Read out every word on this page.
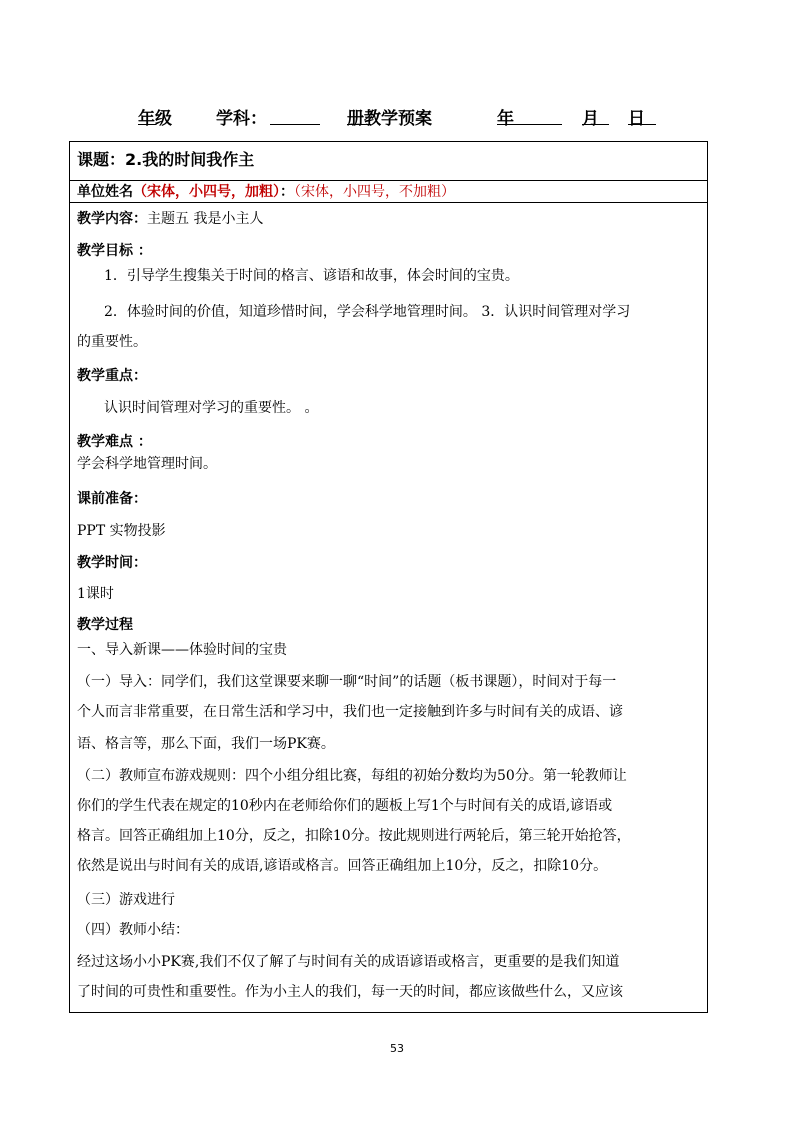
年级	学科：	册教学预案	年	月 日
课题：2.我的时间我作主
单位姓名（宋体，小四号，加粗）：（宋体，小四号，不加粗）
教学内容：主题五 我是小主人
教学目标 ：
1．引导学生搜集关于时间的格言、谚语和故事，体会时间的宝贵。
2．体验时间的价值，知道珍惜时间，学会科学地管理时间。 3．认识时间管理对学习
的重要性。
教学重点：
认识时间管理对学习的重要性。 。
教学难点 ：
学会科学地管理时间。
课前准备：
PPT 实物投影
教学时间：
1课时
教学过程
一、导入新课——体验时间的宝贵
（一）导入：同学们，我们这堂课要来聊一聊“时间”的话题（板书课题），时间对于每一
个人而言非常重要，在日常生活和学习中，我们也一定接触到许多与时间有关的成语、谚
语、格言等，那么下面，我们一场PK赛。
（二）教师宣布游戏规则：四个小组分组比赛，每组的初始分数均为50分。第一轮教师让
你们的学生代表在规定的10秒内在老师给你们的题板上写1个与时间有关的成语,谚语或
格言。回答正确组加上10分，反之，扣除10分。按此规则进行两轮后，第三轮开始抢答，
依然是说出与时间有关的成语,谚语或格言。回答正确组加上10分，反之，扣除10分。
（三）游戏进行
（四）教师小结：
经过这场小小PK赛,我们不仅了解了与时间有关的成语谚语或格言，更重要的是我们知道
了时间的可贵性和重要性。作为小主人的我们，每一天的时间，都应该做些什么，又应该
53
